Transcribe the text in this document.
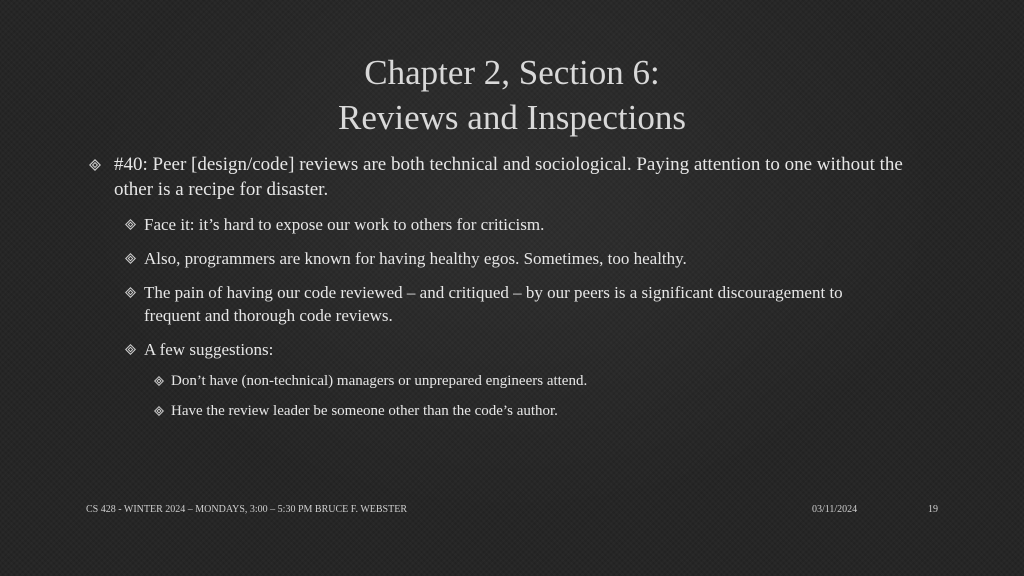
Chapter 2, Section 6:
Reviews and Inspections
#40: Peer [design/code] reviews are both technical and sociological. Paying attention to one without the other is a recipe for disaster.
Face it: it’s hard to expose our work to others for criticism.
Also, programmers are known for having healthy egos. Sometimes, too healthy.
The pain of having our code reviewed – and critiqued – by our peers is a significant discouragement to frequent and thorough code reviews.
A few suggestions:
Don’t have (non-technical) managers or unprepared engineers attend.
Have the review leader be someone other than the code’s author.
CS 428 - WINTER 2024 – MONDAYS, 3:00 – 5:30 PM BRUCE F. WEBSTER	03/11/2024	19
